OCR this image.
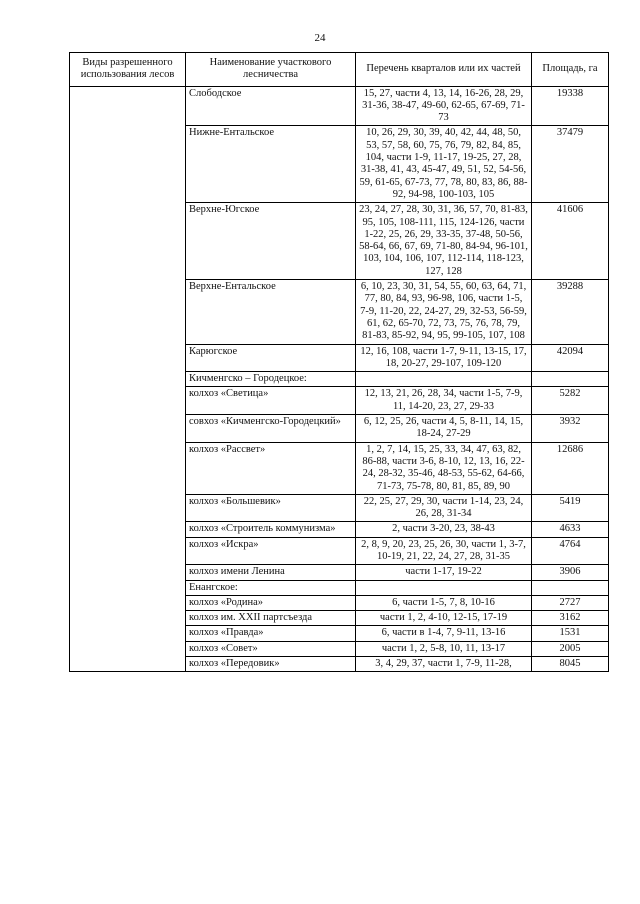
24
Виды разрешенного использования лесов	Наименование участкового лесничества	Перечень кварталов или их частей	Площадь, га
	Слободское	15, 27, части 4, 13, 14, 16-26, 28, 29, 31-36, 38-47, 49-60, 62-65, 67-69, 71-73	19338
	Нижне-Ентальское	10, 26, 29, 30, 39, 40, 42, 44, 48, 50, 53, 57, 58, 60, 75, 76, 79, 82, 84, 85, 104, части 1-9, 11-17, 19-25, 27, 28, 31-38, 41, 43, 45-47, 49, 51, 52, 54-56, 59, 61-65, 67-73, 77, 78, 80, 83, 86, 88-92, 94-98, 100-103, 105	37479
	Верхне-Югское	23, 24, 27, 28, 30, 31, 36, 57, 70, 81-83, 95, 105, 108-111, 115, 124-126, части 1-22, 25, 26, 29, 33-35, 37-48, 50-56, 58-64, 66, 67, 69, 71-80, 84-94, 96-101, 103, 104, 106, 107, 112-114, 118-123, 127, 128	41606
	Верхне-Ентальское	6, 10, 23, 30, 31, 54, 55, 60, 63, 64, 71, 77, 80, 84, 93, 96-98, 106, части 1-5, 7-9, 11-20, 22, 24-27, 29, 32-53, 56-59, 61, 62, 65-70, 72, 73, 75, 76, 78, 79, 81-83, 85-92, 94, 95, 99-105, 107, 108	39288
	Карюгское	12, 16, 108, части 1-7, 9-11, 13-15, 17, 18, 20-27, 29-107, 109-120	42094
	Кичменгско – Городецкое:		
	колхоз «Светица»	12, 13, 21, 26, 28, 34, части 1-5, 7-9, 11, 14-20, 23, 27, 29-33	5282
	совхоз «Кичменгско-Городецкий»	6, 12, 25, 26, части 4, 5, 8-11, 14, 15, 18-24, 27-29	3932
	колхоз «Рассвет»	1, 2, 7, 14, 15, 25, 33, 34, 47, 63, 82, 86-88, части 3-6, 8-10, 12, 13, 16, 22-24, 28-32, 35-46, 48-53, 55-62, 64-66, 71-73, 75-78, 80, 81, 85, 89, 90	12686
	колхоз «Большевик»	22, 25, 27, 29, 30, части 1-14, 23, 24, 26, 28, 31-34	5419
	колхоз «Строитель коммунизма»	2, части 3-20, 23, 38-43	4633
	колхоз «Искра»	2, 8, 9, 20, 23, 25, 26, 30, части 1, 3-7, 10-19, 21, 22, 24, 27, 28, 31-35	4764
	колхоз имени Ленина	части 1-17, 19-22	3906
	Енангское:		
	колхоз «Родина»	6, части 1-5, 7, 8, 10-16	2727
	колхоз им. XXII партсъезда	части 1, 2, 4-10, 12-15, 17-19	3162
	колхоз «Правда»	6, части в 1-4, 7, 9-11, 13-16	1531
	колхоз «Совет»	части 1, 2, 5-8, 10, 11, 13-17	2005
	колхоз «Передовик»	3, 4, 29, 37, части 1, 7-9, 11-28,	8045
